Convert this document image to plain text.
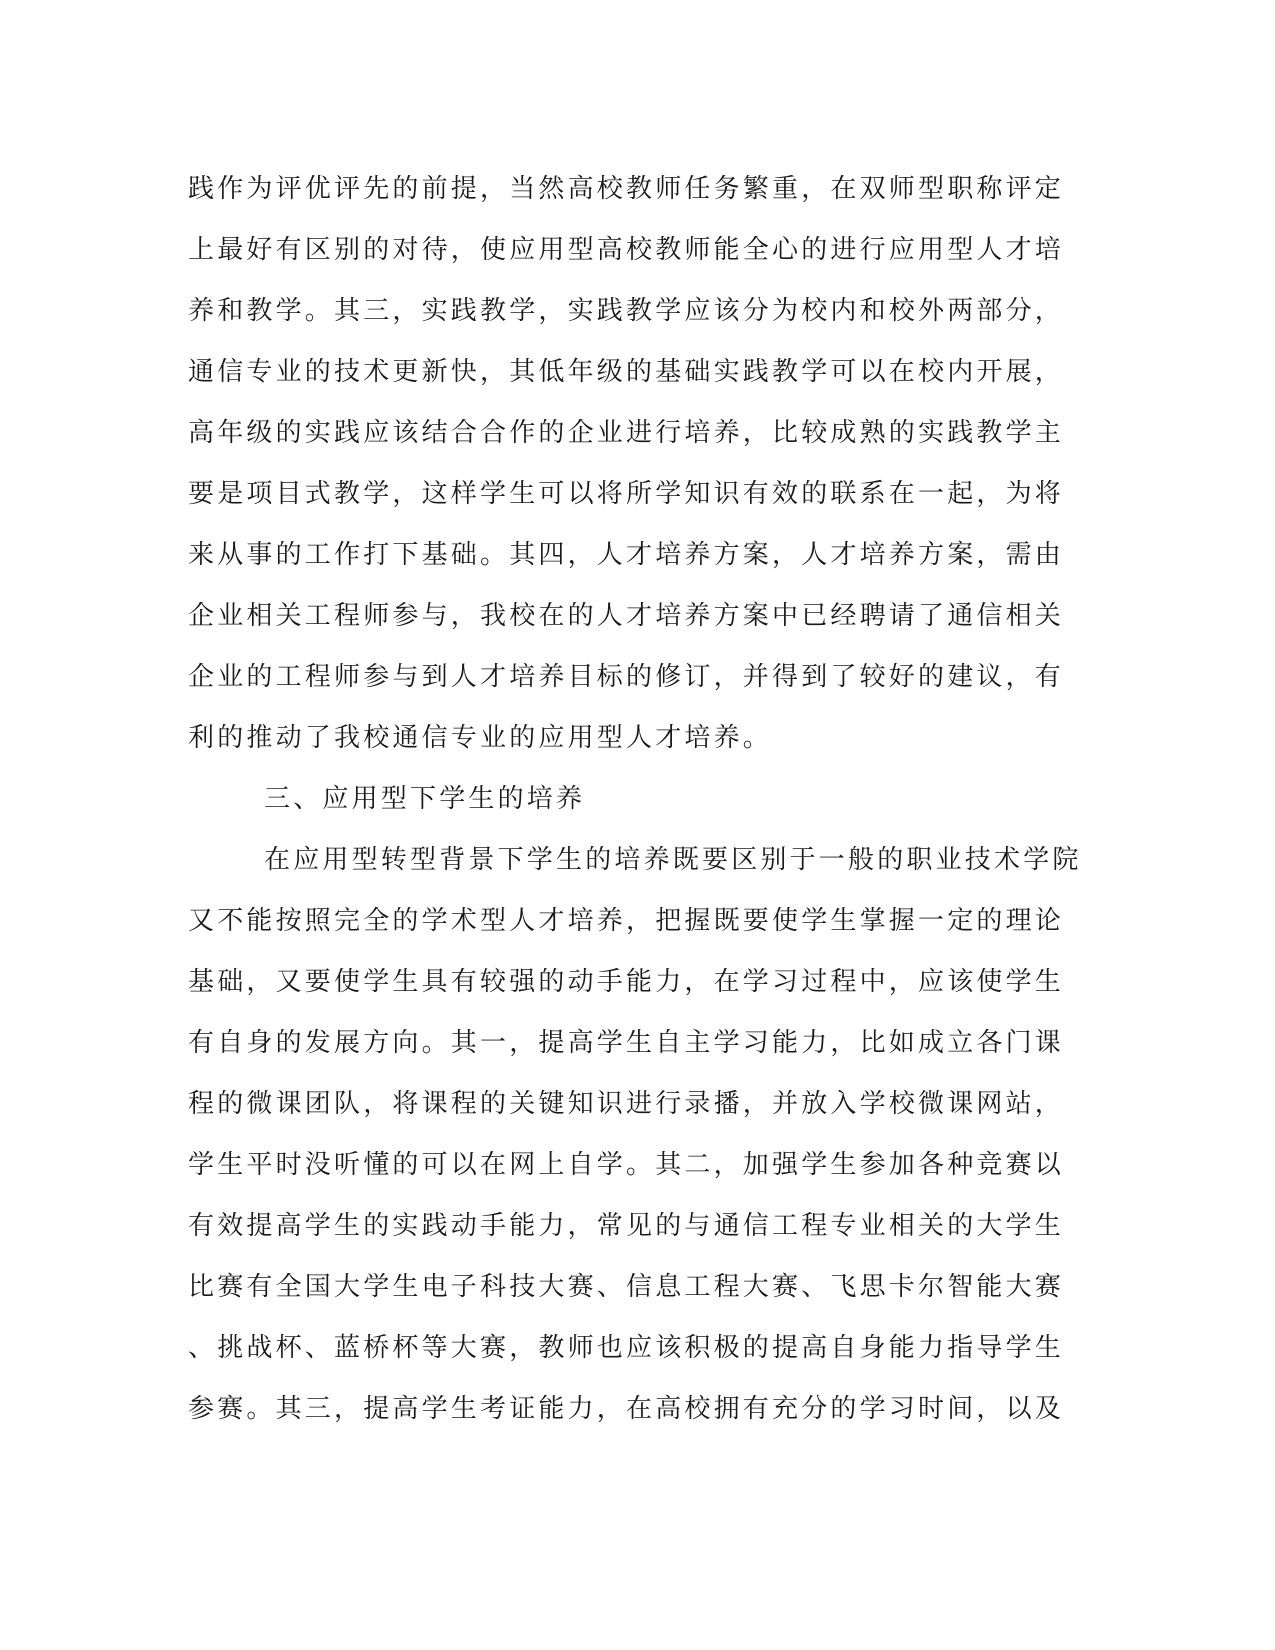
践作为评优评先的前提，当然高校教师任务繁重，在双师型职称评定
上最好有区别的对待，使应用型高校教师能全心的进行应用型人才培
养和教学。其三，实践教学，实践教学应该分为校内和校外两部分，
通信专业的技术更新快，其低年级的基础实践教学可以在校内开展，
高年级的实践应该结合合作的企业进行培养，比较成熟的实践教学主
要是项目式教学，这样学生可以将所学知识有效的联系在一起，为将
来从事的工作打下基础。其四，人才培养方案，人才培养方案，需由
企业相关工程师参与，我校在的人才培养方案中已经聘请了通信相关
企业的工程师参与到人才培养目标的修订，并得到了较好的建议，有
利的推动了我校通信专业的应用型人才培养。
三、应用型下学生的培养
在应用型转型背景下学生的培养既要区别于一般的职业技术学院
又不能按照完全的学术型人才培养，把握既要使学生掌握一定的理论
基础，又要使学生具有较强的动手能力，在学习过程中，应该使学生
有自身的发展方向。其一，提高学生自主学习能力，比如成立各门课
程的微课团队，将课程的关键知识进行录播，并放入学校微课网站，
学生平时没听懂的可以在网上自学。其二，加强学生参加各种竞赛以
有效提高学生的实践动手能力，常见的与通信工程专业相关的大学生
比赛有全国大学生电子科技大赛、信息工程大赛、飞思卡尔智能大赛
、挑战杯、蓝桥杯等大赛，教师也应该积极的提高自身能力指导学生
参赛。其三，提高学生考证能力，在高校拥有充分的学习时间，以及
